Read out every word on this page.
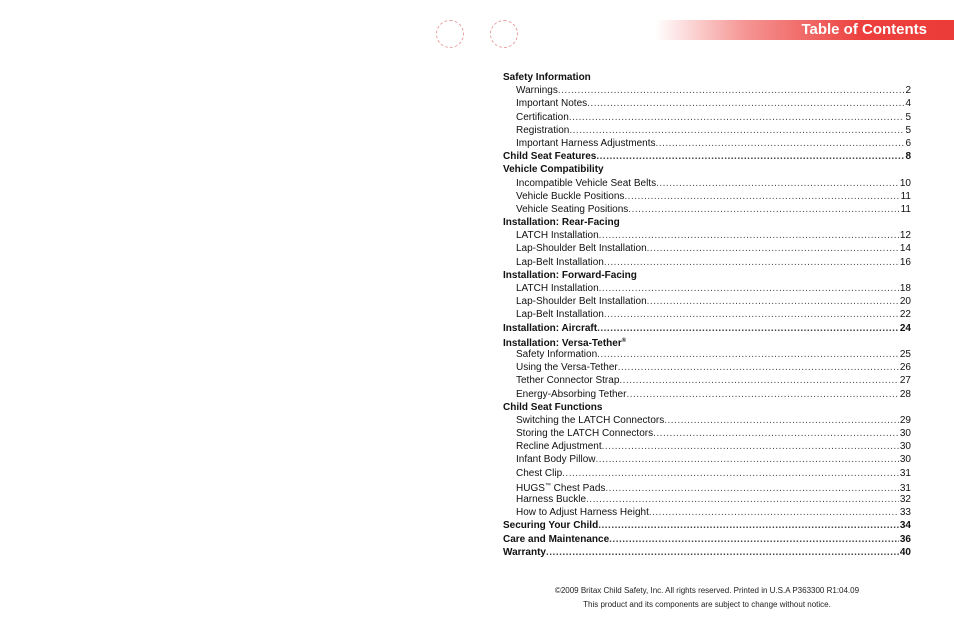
Table of Contents
Safety Information
Warnings .....	2
Important Notes .....	4
Certification .....	5
Registration .....	5
Important Harness Adjustments .....	6
Child Seat Features .....	8
Vehicle Compatibility
Incompatible Vehicle Seat Belts .....	10
Vehicle Buckle Positions .....	11
Vehicle Seating Positions .....	11
Installation: Rear-Facing
LATCH Installation .....	12
Lap-Shoulder Belt Installation .....	14
Lap-Belt Installation .....	16
Installation: Forward-Facing
LATCH Installation .....	18
Lap-Shoulder Belt Installation .....	20
Lap-Belt Installation .....	22
Installation: Aircraft .....	24
Installation: Versa-Tether®
Safety Information .....	25
Using the Versa-Tether .....	26
Tether Connector Strap .....	27
Energy-Absorbing Tether .....	28
Child Seat Functions
Switching the LATCH Connectors .....	29
Storing the LATCH Connectors .....	30
Recline Adjustment .....	30
Infant Body Pillow .....	30
Chest Clip .....	31
HUGS™ Chest Pads .....	31
Harness Buckle .....	32
How to Adjust Harness Height .....	33
Securing Your Child .....	34
Care and Maintenance .....	36
Warranty .....	40
©2009 Britax Child Safety, Inc. All rights reserved. Printed in U.S.A P363300 R1:04.09
This product and its components are subject to change without notice.
